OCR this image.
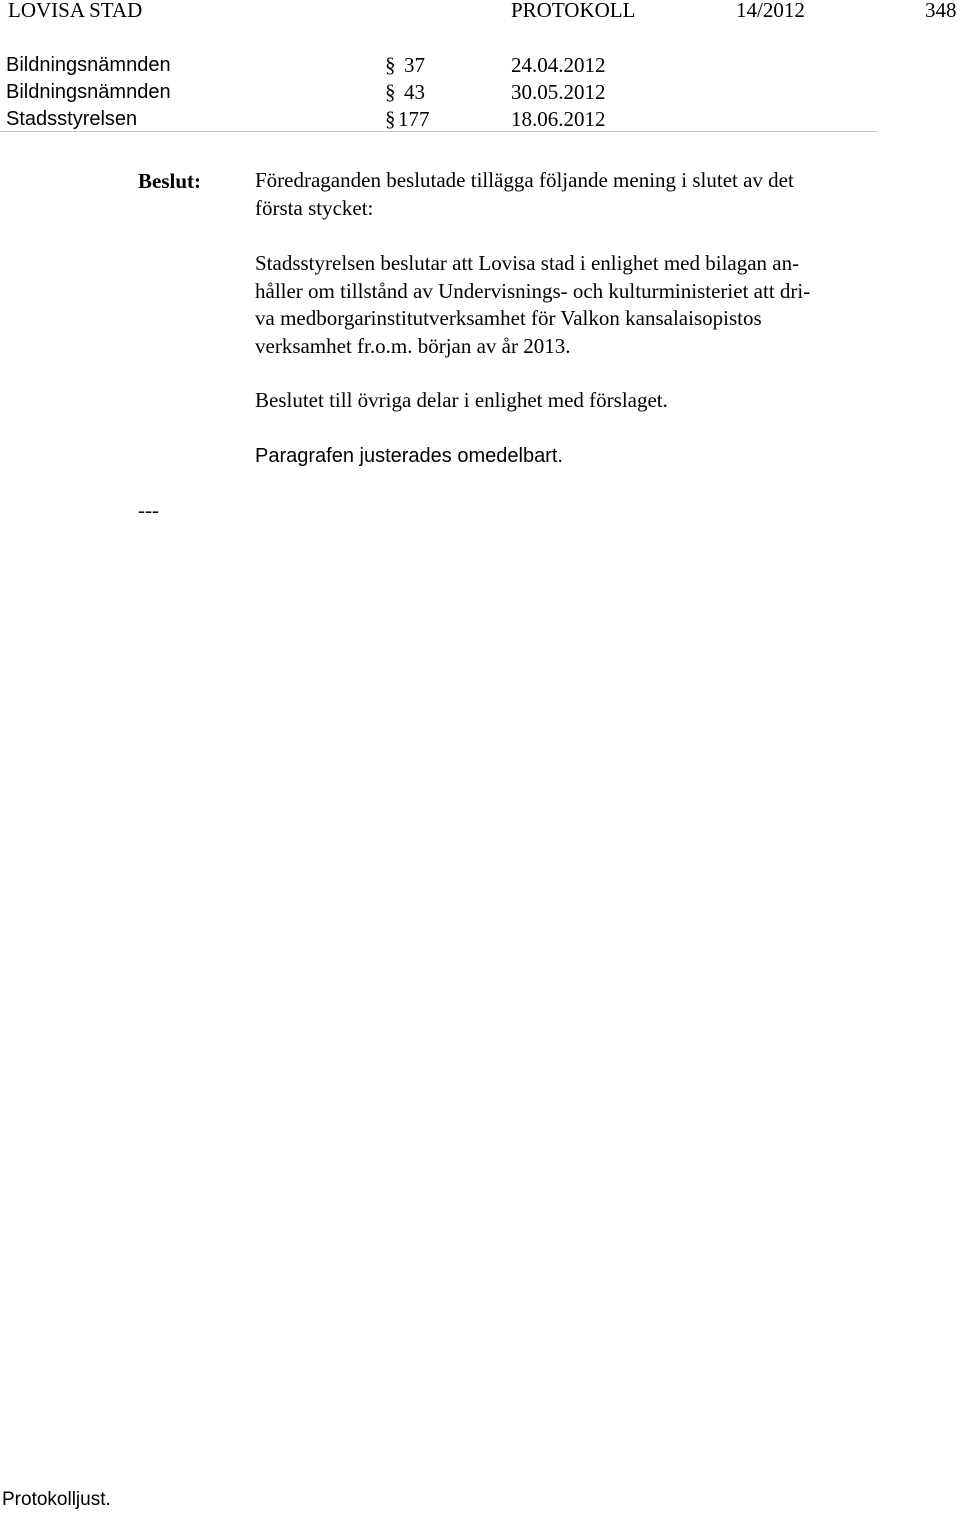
LOVISA STAD	PROTOKOLL	14/2012	348
Bildningsnämnden	§ 37	24.04.2012
Bildningsnämnden	§ 43	30.05.2012
Stadsstyrelsen	§ 177	18.06.2012
Beslut:	Föredraganden beslutade tillägga följande mening i slutet av det
första stycket:
Stadsstyrelsen beslutar att Lovisa stad i enlighet med bilagan an-
håller om tillstånd av Undervisnings- och kulturministeriet att dri-
va medborgarinstitutverksamhet för Valkon kansalaisopistos
verksamhet fr.o.m. början av år 2013.
Beslutet till övriga delar i enlighet med förslaget.
Paragrafen justerades omedelbart.
---
Protokolljust.
